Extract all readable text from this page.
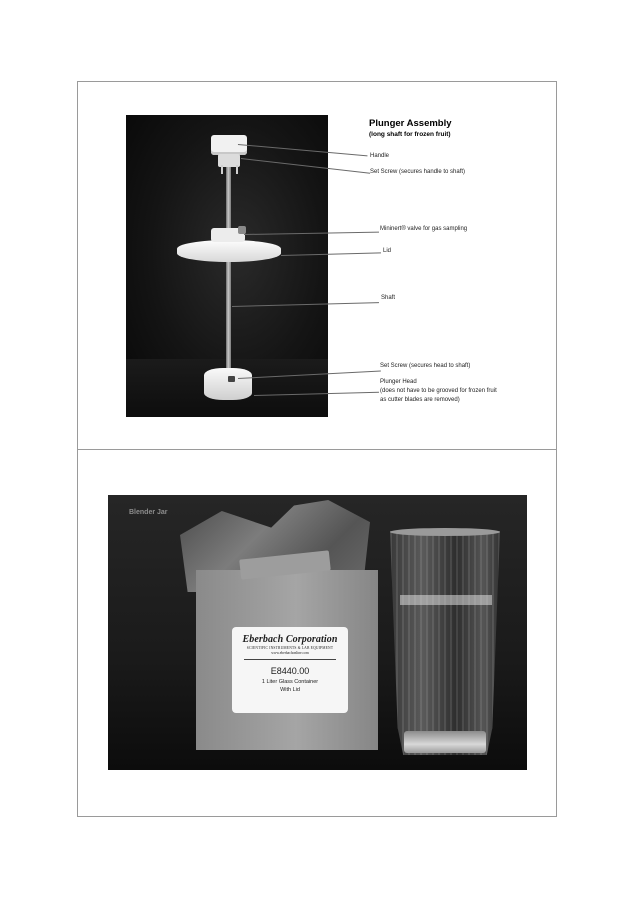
Plunger Assembly
(long shaft for frozen fruit)
Handle
Set Screw (secures handle to shaft)
Mininert® valve for gas sampling
Lid
Shaft
Set Screw (secures head to shaft)
Plunger Head
(does not have to be grooved for frozen fruit
as cutter blades are removed)
Blender Jar
Eberbach Corporation
SCIENTIFIC INSTRUMENTS & LAB EQUIPMENT
www.eberbachonline.com
E8440.00
1 Liter Glass Container
With Lid
